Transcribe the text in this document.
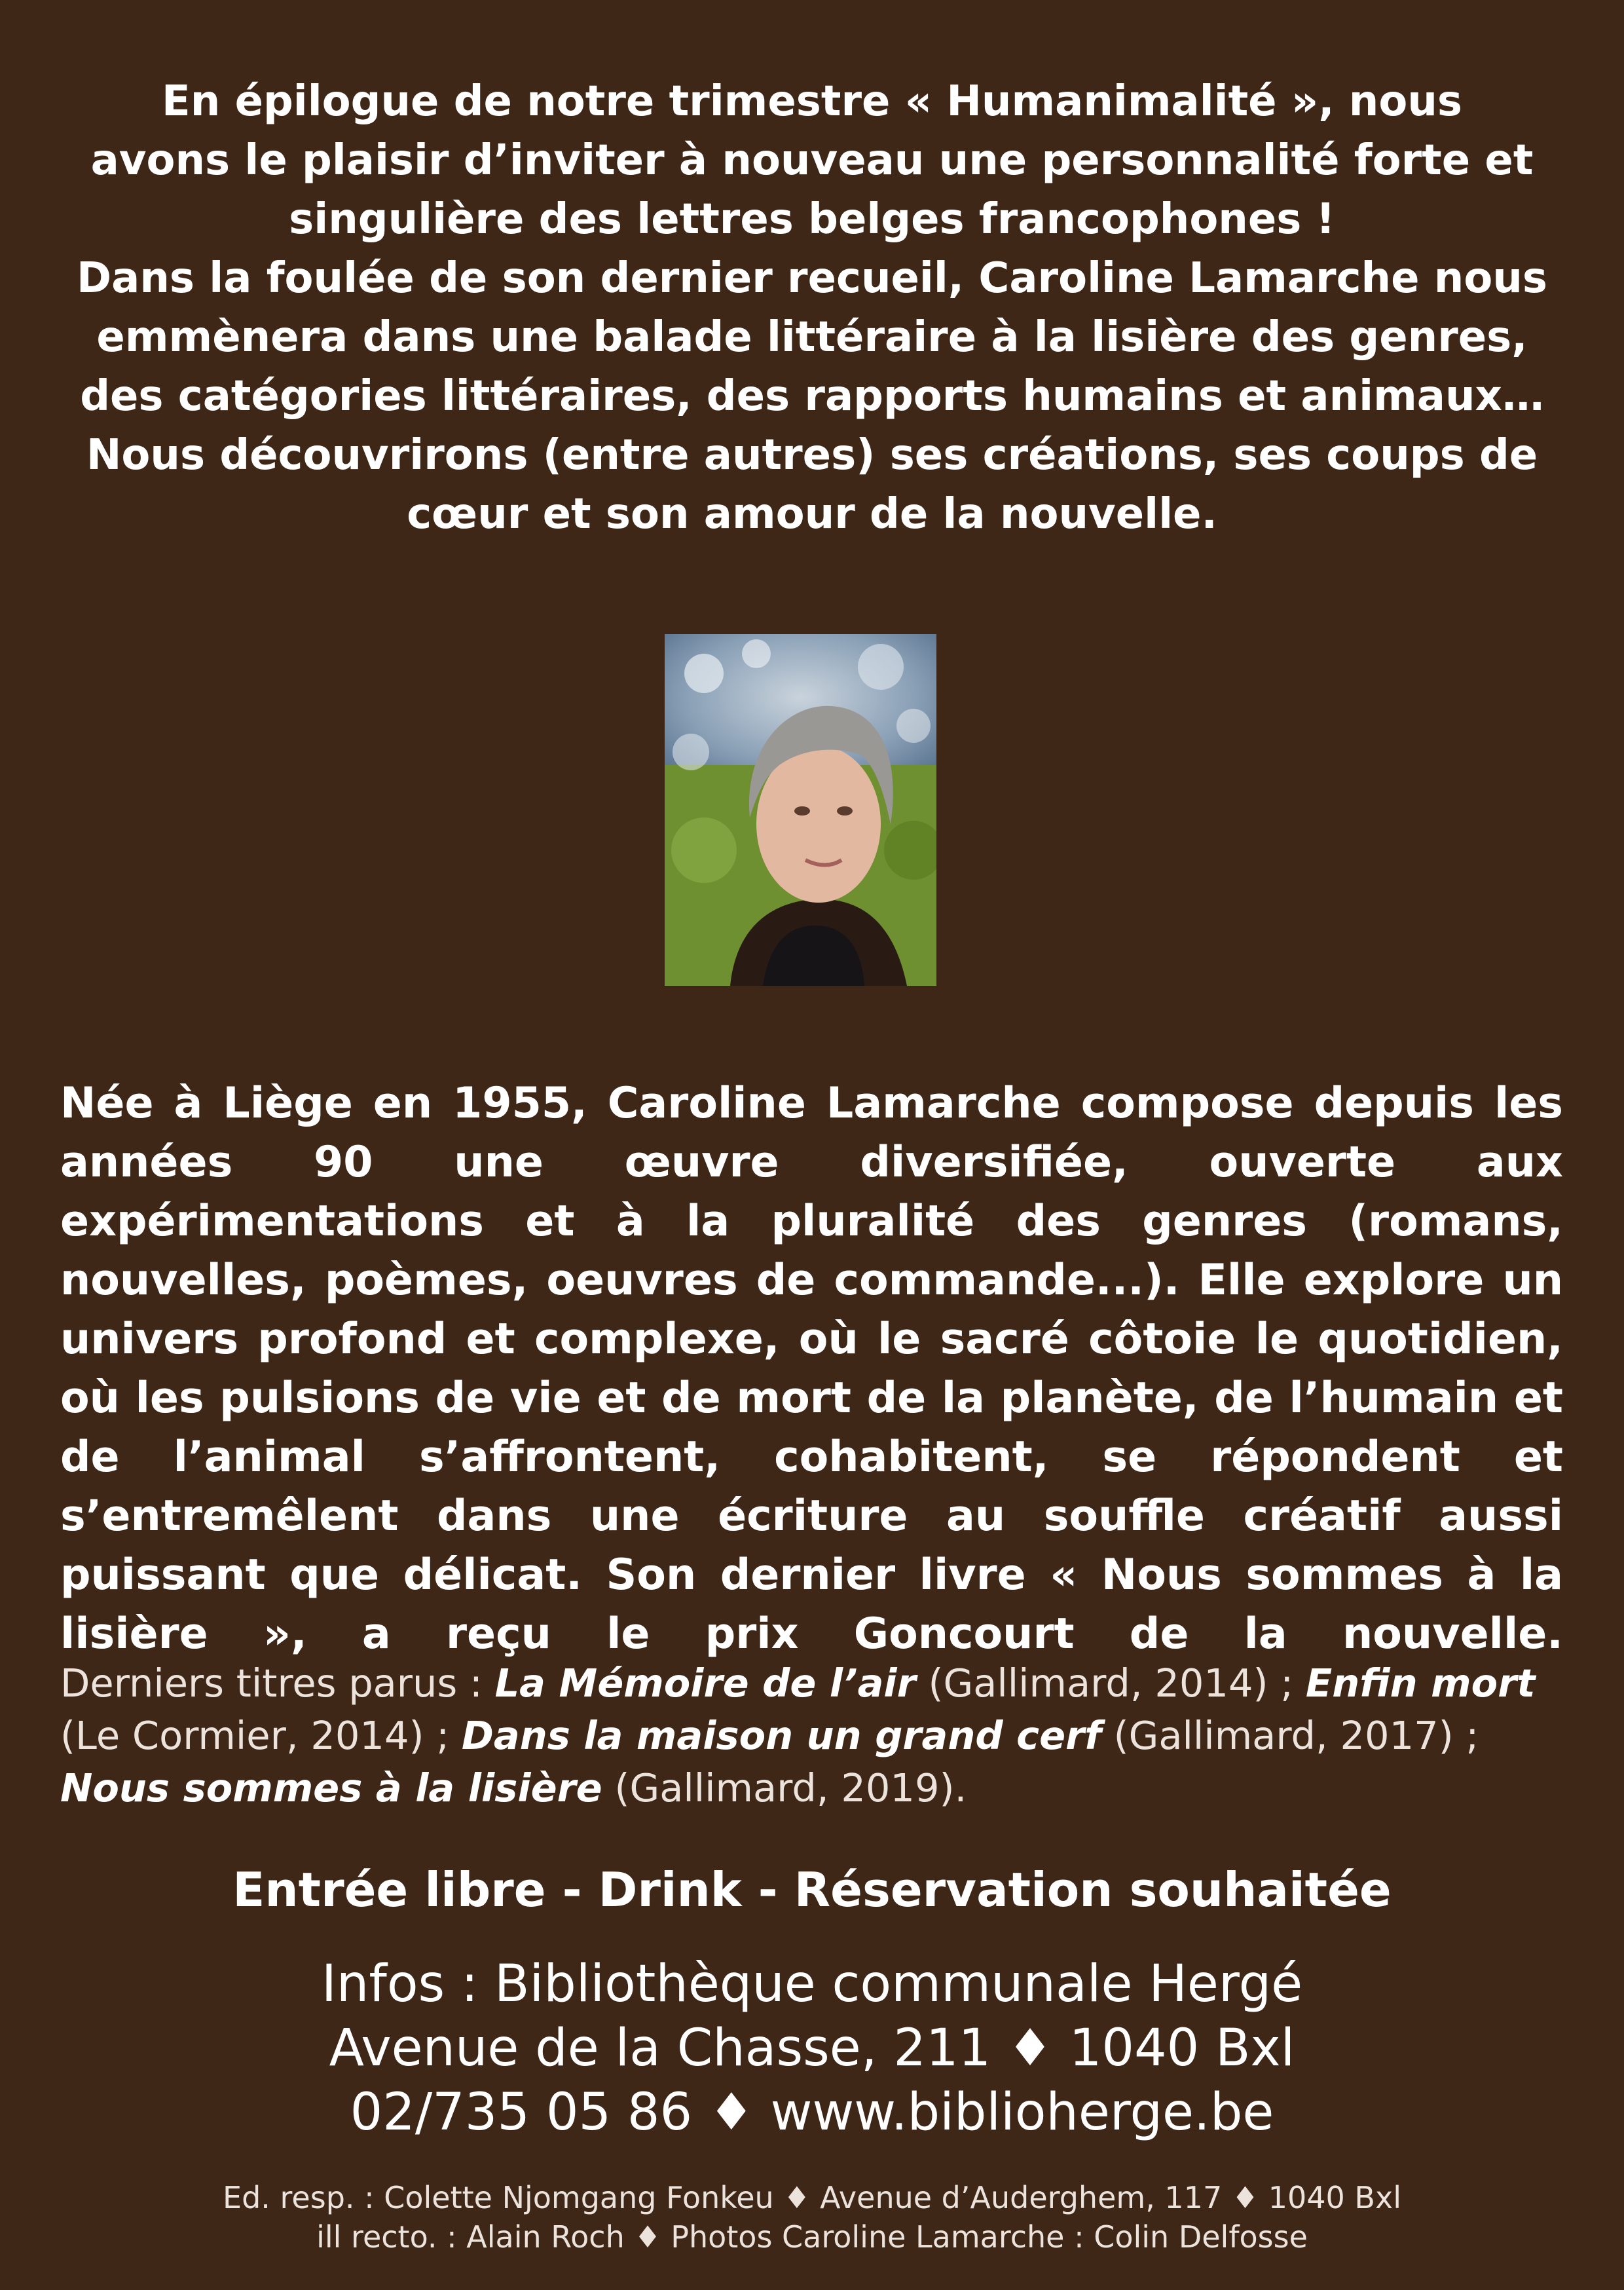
En épilogue de notre trimestre « Humanimalité », nous

avons le plaisir d’inviter à nouveau une personnalité forte et

singulière des lettres belges francophones !

Dans la foulée de son dernier recueil, Caroline Lamarche nous

emmènera dans une balade littéraire à la lisière des genres,

des catégories littéraires, des rapports humains et animaux…

Nous découvrirons (entre autres) ses créations, ses coups de

cœur et son amour de la nouvelle.

Née à Liège en 1955, Caroline Lamarche compose depuis les années 90 une œuvre diversifiée, ouverte aux expérimentations et à la pluralité des genres (romans, nouvelles, poèmes, oeuvres de commande...). Elle explore un univers profond et complexe, où le sacré côtoie le quotidien, où les pulsions de vie et de mort de la planète, de l’humain et de l’animal s’affrontent, cohabitent, se répondent et s’entremêlent dans une écriture au souffle créatif aussi puissant que délicat. Son dernier livre « Nous sommes à la lisière », a reçu le prix Goncourt de la nouvelle.

Derniers titres parus : La Mémoire de l’air (Gallimard, 2014) ; Enfin mort (Le Cormier, 2014) ; Dans la maison un grand cerf (Gallimard, 2017) ;
Nous sommes à la lisière (Gallimard, 2019).

Entrée libre - Drink - Réservation souhaitée

Infos : Bibliothèque communale Hergé

Avenue de la Chasse, 211 ♦ 1040 Bxl

02/735 05 86 ♦ www.biblioherge.be

Ed. resp. : Colette Njomgang Fonkeu ♦ Avenue d’Auderghem, 117 ♦ 1040 Bxl

ill recto. : Alain Roch ♦ Photos Caroline Lamarche : Colin Delfosse
